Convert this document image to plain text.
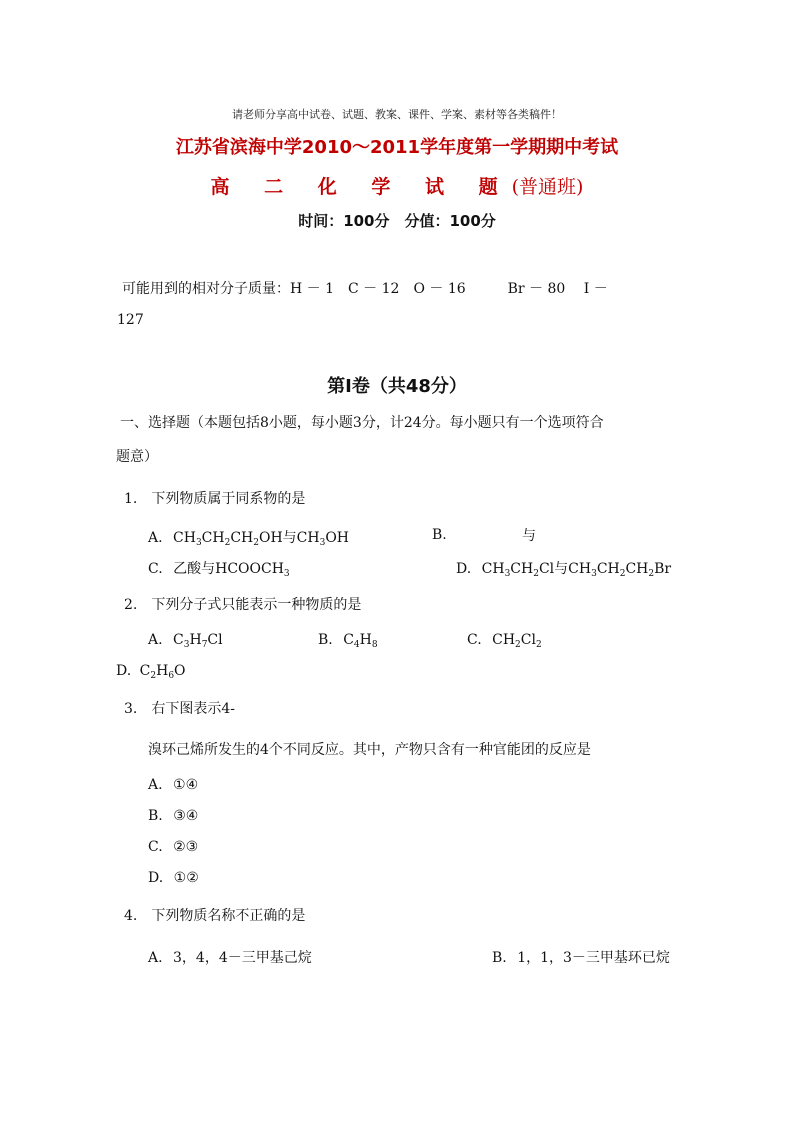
请老师分享高中试卷、试题、教案、课件、学案、素材等各类稿件！
江苏省滨海中学2010～2011学年度第一学期期中考试
高 二 化 学 试 题(普通班)
时间：100分　分值：100分
可能用到的相对分子质量：H － 1　C － 12　O － 16　　　Br － 80　 I －
127
第Ⅰ卷（共48分）
一、选择题（本题包括8小题，每小题3分，计24分。每小题只有一个选项符合
题意）
1.　下列物质属于同系物的是
A. $CH_3CH_2CH_2OH$与$CH_3OH$	B.	与
C. 乙酸与$HCOOCH_3$	D. $CH_3CH_2Cl$与$CH_3CH_2CH_2Br$
2.　下列分子式只能表示一种物质的是
A. $C_3H_7Cl$	B. $C_4H_8$	C. $CH_2Cl_2$
D. $C_2H_6O$
3.　右下图表示4-
溴环己烯所发生的4个不同反应。其中，产物只含有一种官能团的反应是
A. ①④
B. ③④
C. ②③
D. ①②
4.　下列物质名称不正确的是
A. 3，4，4－三甲基己烷	B. 1，1，3－三甲基环已烷
